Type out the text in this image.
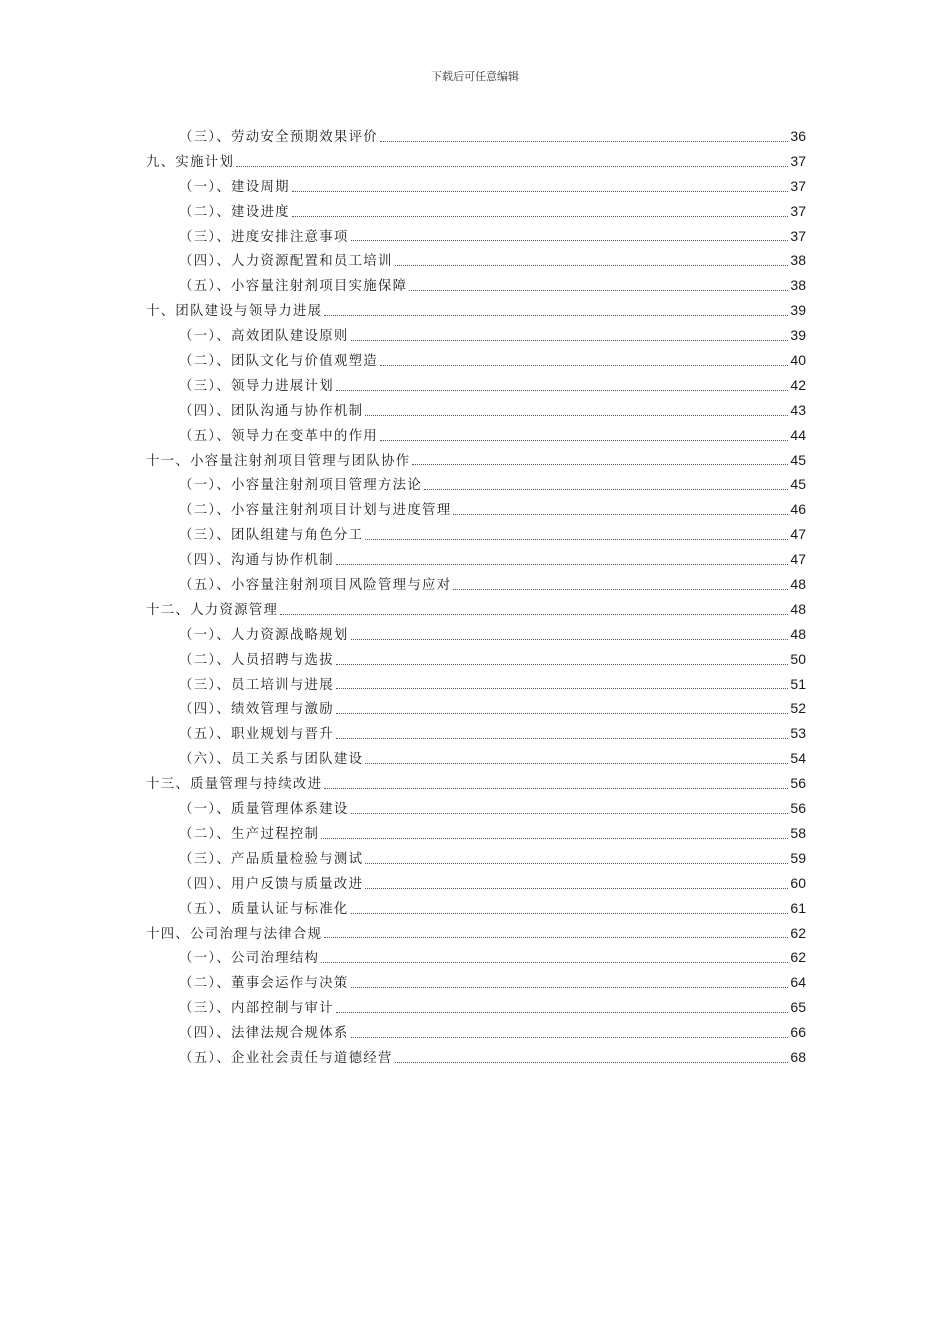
下载后可任意编辑
（三）、劳动安全预期效果评价	36
九、实施计划	37
（一）、建设周期	37
（二）、建设进度	37
（三）、进度安排注意事项	37
（四）、人力资源配置和员工培训	38
（五）、小容量注射剂项目实施保障	38
十、团队建设与领导力进展	39
（一）、高效团队建设原则	39
（二）、团队文化与价值观塑造	40
（三）、领导力进展计划	42
（四）、团队沟通与协作机制	43
（五）、领导力在变革中的作用	44
十一、小容量注射剂项目管理与团队协作	45
（一）、小容量注射剂项目管理方法论	45
（二）、小容量注射剂项目计划与进度管理	46
（三）、团队组建与角色分工	47
（四）、沟通与协作机制	47
（五）、小容量注射剂项目风险管理与应对	48
十二、人力资源管理	48
（一）、人力资源战略规划	48
（二）、人员招聘与选拔	50
（三）、员工培训与进展	51
（四）、绩效管理与激励	52
（五）、职业规划与晋升	53
（六）、员工关系与团队建设	54
十三、质量管理与持续改进	56
（一）、质量管理体系建设	56
（二）、生产过程控制	58
（三）、产品质量检验与测试	59
（四）、用户反馈与质量改进	60
（五）、质量认证与标准化	61
十四、公司治理与法律合规	62
（一）、公司治理结构	62
（二）、董事会运作与决策	64
（三）、内部控制与审计	65
（四）、法律法规合规体系	66
（五）、企业社会责任与道德经营	68
